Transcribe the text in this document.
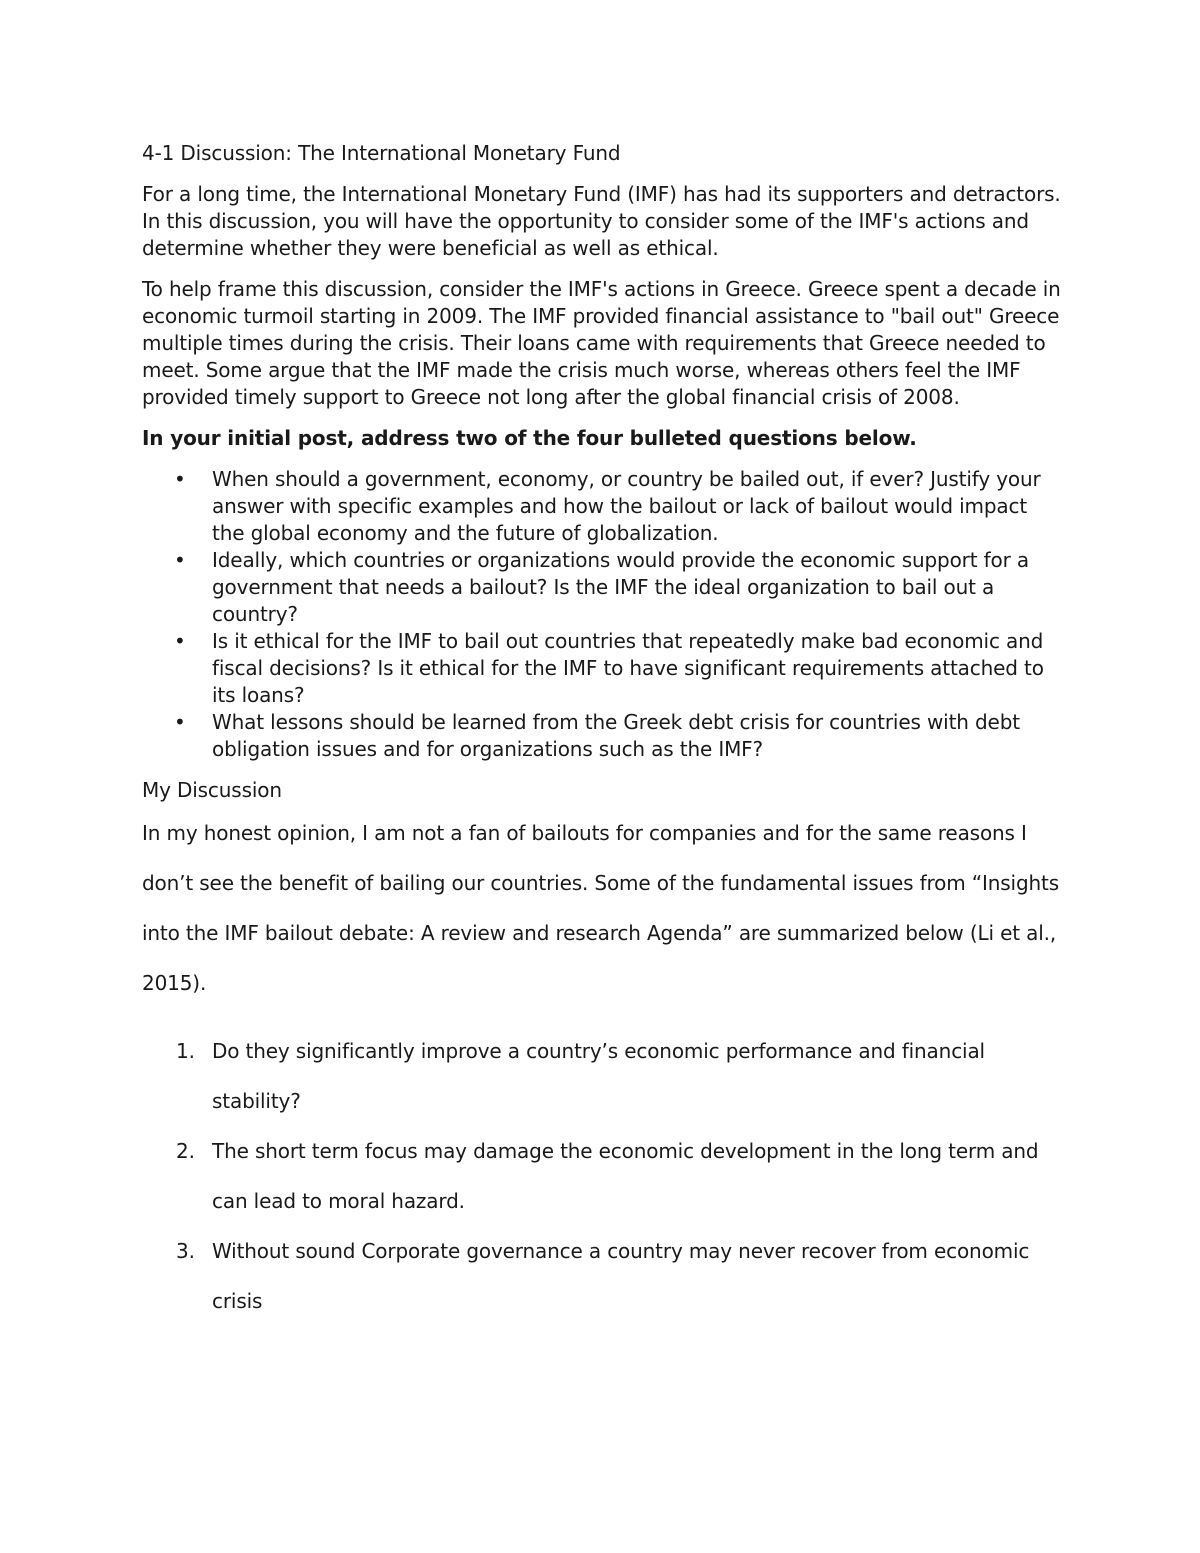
4-1 Discussion: The International Monetary Fund

For a long time, the International Monetary Fund (IMF) has had its supporters and detractors. In this discussion, you will have the opportunity to consider some of the IMF's actions and determine whether they were beneficial as well as ethical.

To help frame this discussion, consider the IMF's actions in Greece. Greece spent a decade in economic turmoil starting in 2009. The IMF provided financial assistance to "bail out" Greece multiple times during the crisis. Their loans came with requirements that Greece needed to meet. Some argue that the IMF made the crisis much worse, whereas others feel the IMF provided timely support to Greece not long after the global financial crisis of 2008.

In your initial post, address two of the four bulleted questions below.

• When should a government, economy, or country be bailed out, if ever? Justify your answer with specific examples and how the bailout or lack of bailout would impact the global economy and the future of globalization.
• Ideally, which countries or organizations would provide the economic support for a government that needs a bailout? Is the IMF the ideal organization to bail out a country?
• Is it ethical for the IMF to bail out countries that repeatedly make bad economic and fiscal decisions? Is it ethical for the IMF to have significant requirements attached to its loans?
• What lessons should be learned from the Greek debt crisis for countries with debt obligation issues and for organizations such as the IMF?

My Discussion

In my honest opinion, I am not a fan of bailouts for companies and for the same reasons I don’t see the benefit of bailing our countries. Some of the fundamental issues from “Insights into the IMF bailout debate: A review and research Agenda” are summarized below (Li et al., 2015).

1. Do they significantly improve a country’s economic performance and financial stability?
2. The short term focus may damage the economic development in the long term and can lead to moral hazard.
3. Without sound Corporate governance a country may never recover from economic crisis
